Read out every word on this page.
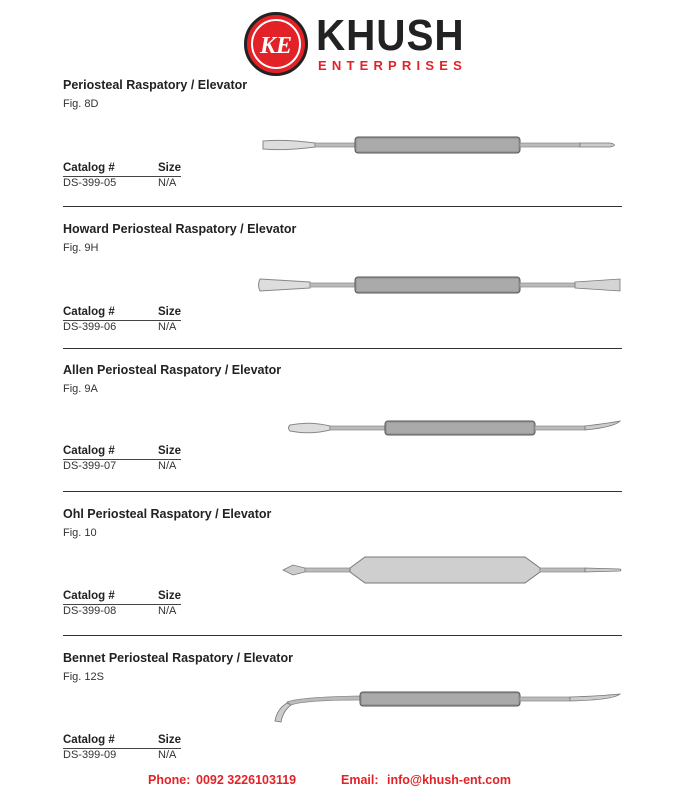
KE KHUSH
ENTERPRISES
Periosteal Raspatory / Elevator
Fig. 8D
Catalog #	Size
DS-399-05	N/A
Howard Periosteal Raspatory / Elevator
Fig. 9H
Catalog #	Size
DS-399-06	N/A
Allen Periosteal Raspatory / Elevator
Fig. 9A
Catalog #	Size
DS-399-07	N/A
Ohl Periosteal Raspatory / Elevator
Fig. 10
Catalog #	Size
DS-399-08	N/A
Bennet Periosteal Raspatory / Elevator
Fig. 12S
Catalog #	Size
DS-399-09	N/A
Phone: 0092 3226103119	Email: info@khush-ent.com
